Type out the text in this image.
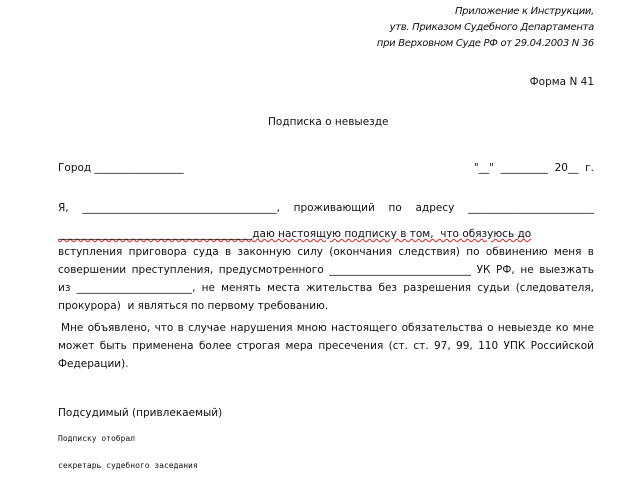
Приложение к Инструкции,
утв. Приказом Судебного Департамента
при Верховном Суде РФ от 29.04.2003 N 36
Форма N 41
Подписка о невыезде
Город _________________	"__"  _________  20__  г.
Я, _____________________________________, проживающий по адресу ________________________
_____________________________________даю настоящую подписку в том,  что обязуюсь до
вступления приговора суда в законную силу (окончания следствия) по обвинению меня в
совершении преступления, предусмотренного ___________________________ УК РФ, не выезжать
из ______________________, не менять места жительства без разрешения судьи (следователя,
прокурора)  и являться по первому требованию.
Мне объявлено, что в случае нарушения мною настоящего обязательства о невыезде ко мне
может быть применена более строгая мера пресечения (ст. ст. 97, 99, 110 УПК Российской
Федерации).
Подсудимый (привлекаемый)
Подписку отобрал
секретарь судебного заседания
